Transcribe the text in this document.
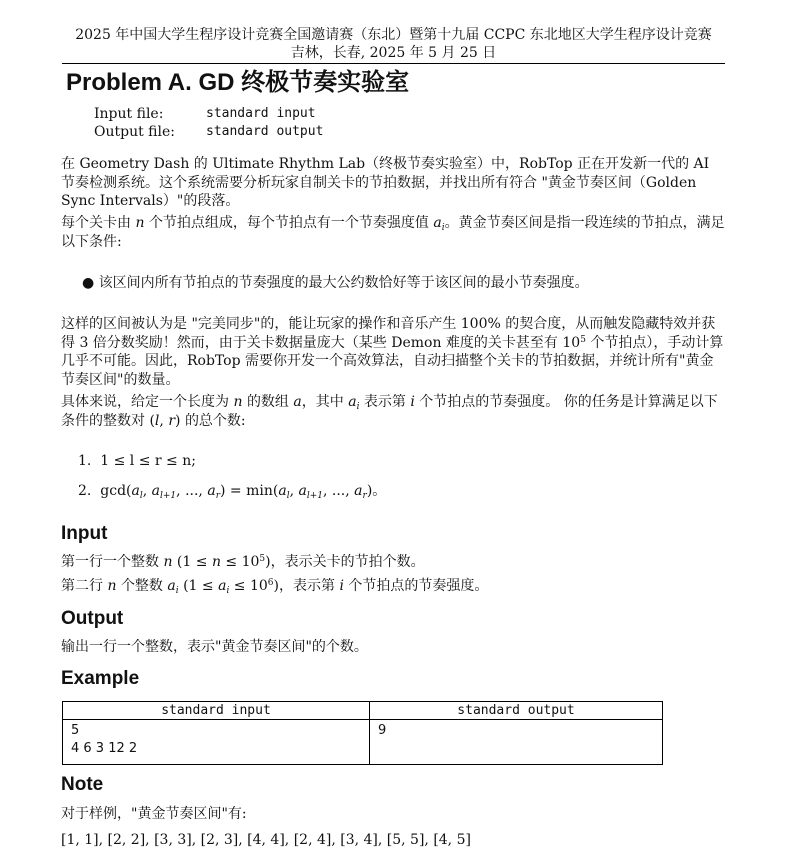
2025 年中国大学生程序设计竞赛全国邀请赛（东北）暨第十九届 CCPC 东北地区大学生程序设计竞赛
吉林，长春, 2025 年 5 月 25 日
Problem A. GD 终极节奏实验室
Input file:	standard input
Output file: standard output
在 Geometry Dash 的 Ultimate Rhythm Lab（终极节奏实验室）中，RobTop 正在开发新一代的 AI 节奏检测系统。这个系统需要分析玩家自制关卡的节拍数据，并找出所有符合 "黄金节奏区间（Golden Sync Intervals）"的段落。
每个关卡由 n 个节拍点组成，每个节拍点有一个节奏强度值 $a_i$。黄金节奏区间是指一段连续的节拍点，满足以下条件:
● 该区间内所有节拍点的节奏强度的最大公约数恰好等于该区间的最小节奏强度。
这样的区间被认为是 "完美同步"的，能让玩家的操作和音乐产生 100% 的契合度，从而触发隐藏特效并获得 3 倍分数奖励！然而，由于关卡数据量庞大（某些 Demon 难度的关卡甚至有 $10^5$ 个节拍点），手动计算几乎不可能。因此，RobTop 需要你开发一个高效算法，自动扫描整个关卡的节拍数据，并统计所有"黄金节奏区间"的数量。
具体来说，给定一个长度为 n 的数组 a，其中 $a_i$ 表示第 i 个节拍点的节奏强度。 你的任务是计算满足以下条件的整数对 (l, r) 的总个数:
1. 1 ≤ l ≤ r ≤ n;
2.  $\gcd(a_l$, $a_{l+1}$, ..., $a_r) = \min(a_l$, $a_{l+1}$, ..., $a_r$)。
Input
第一行一个整数 n $(1 \le n \le 10^5)$，表示关卡的节拍个数。
第二行 n 个整数 $a_i$ $(1 \le a_i \le 10^6)$，表示第 i 个节拍点的节奏强度。
Output
输出一行一个整数，表示"黄金节奏区间"的个数。
Example
standard input	standard output

5
4 6 3 12 2	9
Note
对于样例，"黄金节奏区间"有:
[1, 1], [2, 2], [3, 3], [2, 3], [4, 4], [2, 4], [3, 4], [5, 5], [4, 5]
